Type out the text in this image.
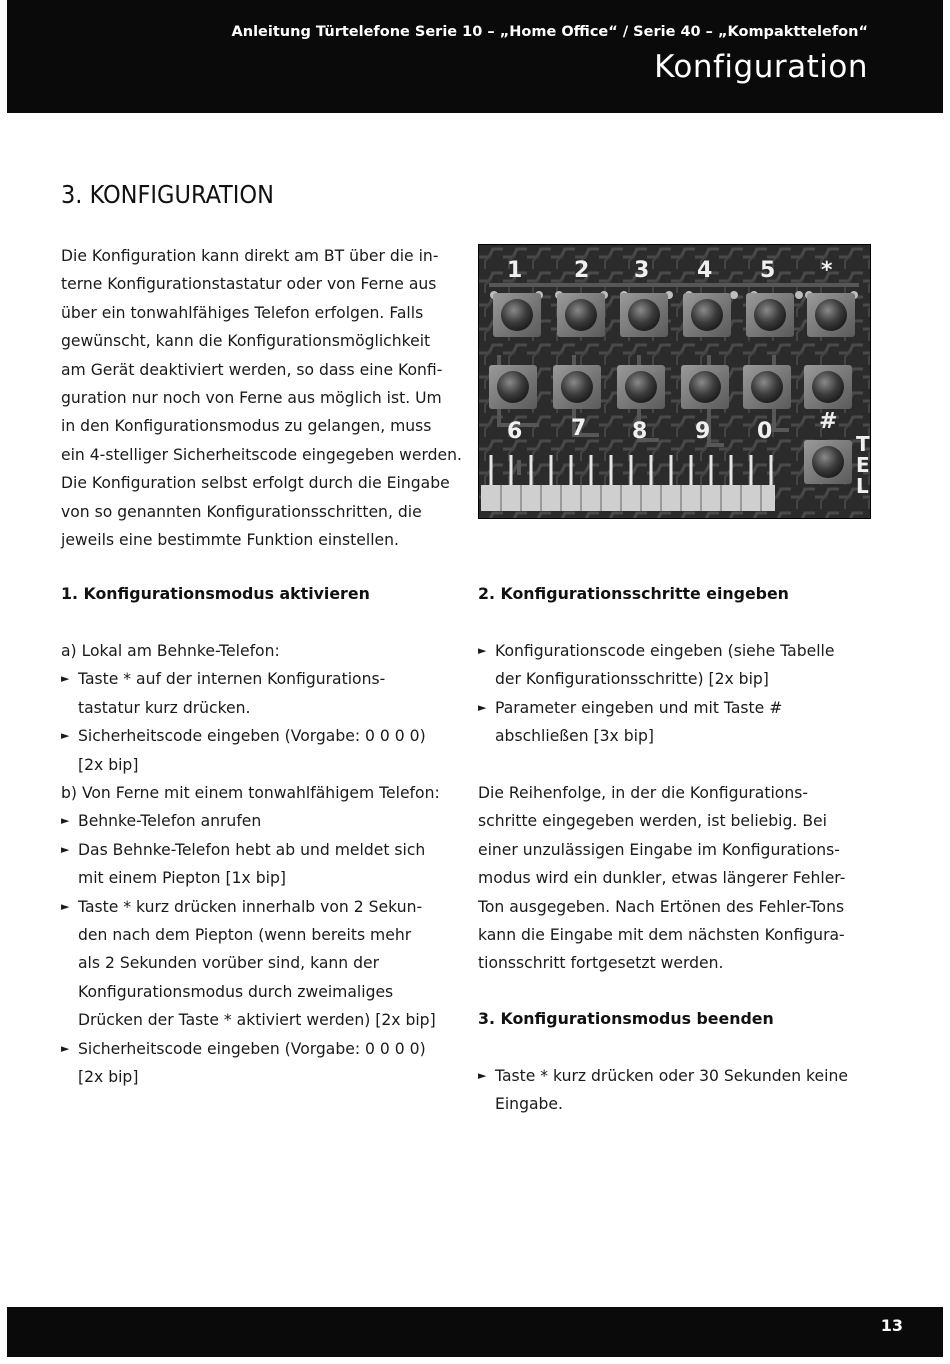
Anleitung Türtelefone Serie 10 – „Home Office“ / Serie 40 – „Kompakttelefon“
Konfiguration
3. KONFIGURATION
Die Konfiguration kann direkt am BT über die in-
terne Konfigurationstastatur oder von Ferne aus
über ein tonwahlfähiges Telefon erfolgen. Falls
gewünscht, kann die Konfigurationsmöglichkeit
am Gerät deaktiviert werden, so dass eine Konfi-
guration nur noch von Ferne aus möglich ist. Um
in den Konfigurationsmodus zu gelangen, muss
ein 4-stelliger Sicherheitscode eingegeben werden.
Die Konfiguration selbst erfolgt durch die Eingabe
von so genannten Konfigurationsschritten, die
jeweils eine bestimmte Funktion einstellen.
1 2 3 4 5 *
6 7 8 9 0 #
T
E
L
1. Konfigurationsmodus aktivieren
a) Lokal am Behnke-Telefon:
► Taste * auf der internen Konfigurations-
tastatur kurz drücken.
► Sicherheitscode eingeben (Vorgabe: 0 0 0 0)
[2x bip]
b) Von Ferne mit einem tonwahlfähigem Telefon:
► Behnke-Telefon anrufen
► Das Behnke-Telefon hebt ab und meldet sich
mit einem Piepton [1x bip]
► Taste * kurz drücken innerhalb von 2 Sekun-
den nach dem Piepton (wenn bereits mehr
als 2 Sekunden vorüber sind, kann der
Konfigurationsmodus durch zweimaliges
Drücken der Taste * aktiviert werden) [2x bip]
► Sicherheitscode eingeben (Vorgabe: 0 0 0 0)
[2x bip]
2. Konfigurationsschritte eingeben
► Konfigurationscode eingeben (siehe Tabelle
der Konfigurationsschritte) [2x bip]
► Parameter eingeben und mit Taste #
abschließen [3x bip]
Die Reihenfolge, in der die Konfigurations-
schritte eingegeben werden, ist beliebig. Bei
einer unzulässigen Eingabe im Konfigurations-
modus wird ein dunkler, etwas längerer Fehler-
Ton ausgegeben. Nach Ertönen des Fehler-Tons
kann die Eingabe mit dem nächsten Konfigura-
tionsschritt fortgesetzt werden.
3. Konfigurationsmodus beenden
► Taste * kurz drücken oder 30 Sekunden keine
Eingabe.
13
